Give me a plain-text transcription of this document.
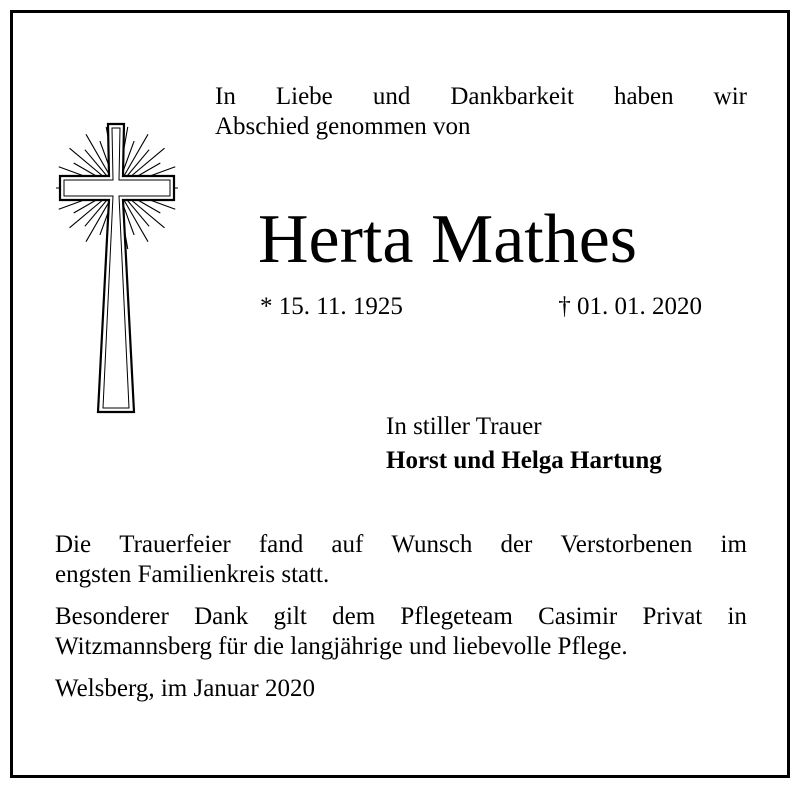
In Liebe und Dankbarkeit haben wir
Abschied genommen von
Herta Mathes
* 15. 11. 1925	† 01. 01. 2020
In stiller Trauer
Horst und Helga Hartung
Die Trauerfeier fand auf Wunsch der Verstorbenen im
engsten Familienkreis statt.
Besonderer Dank gilt dem Pflegeteam Casimir Privat in
Witzmannsberg für die langjährige und liebevolle Pflege.
Welsberg, im Januar 2020
